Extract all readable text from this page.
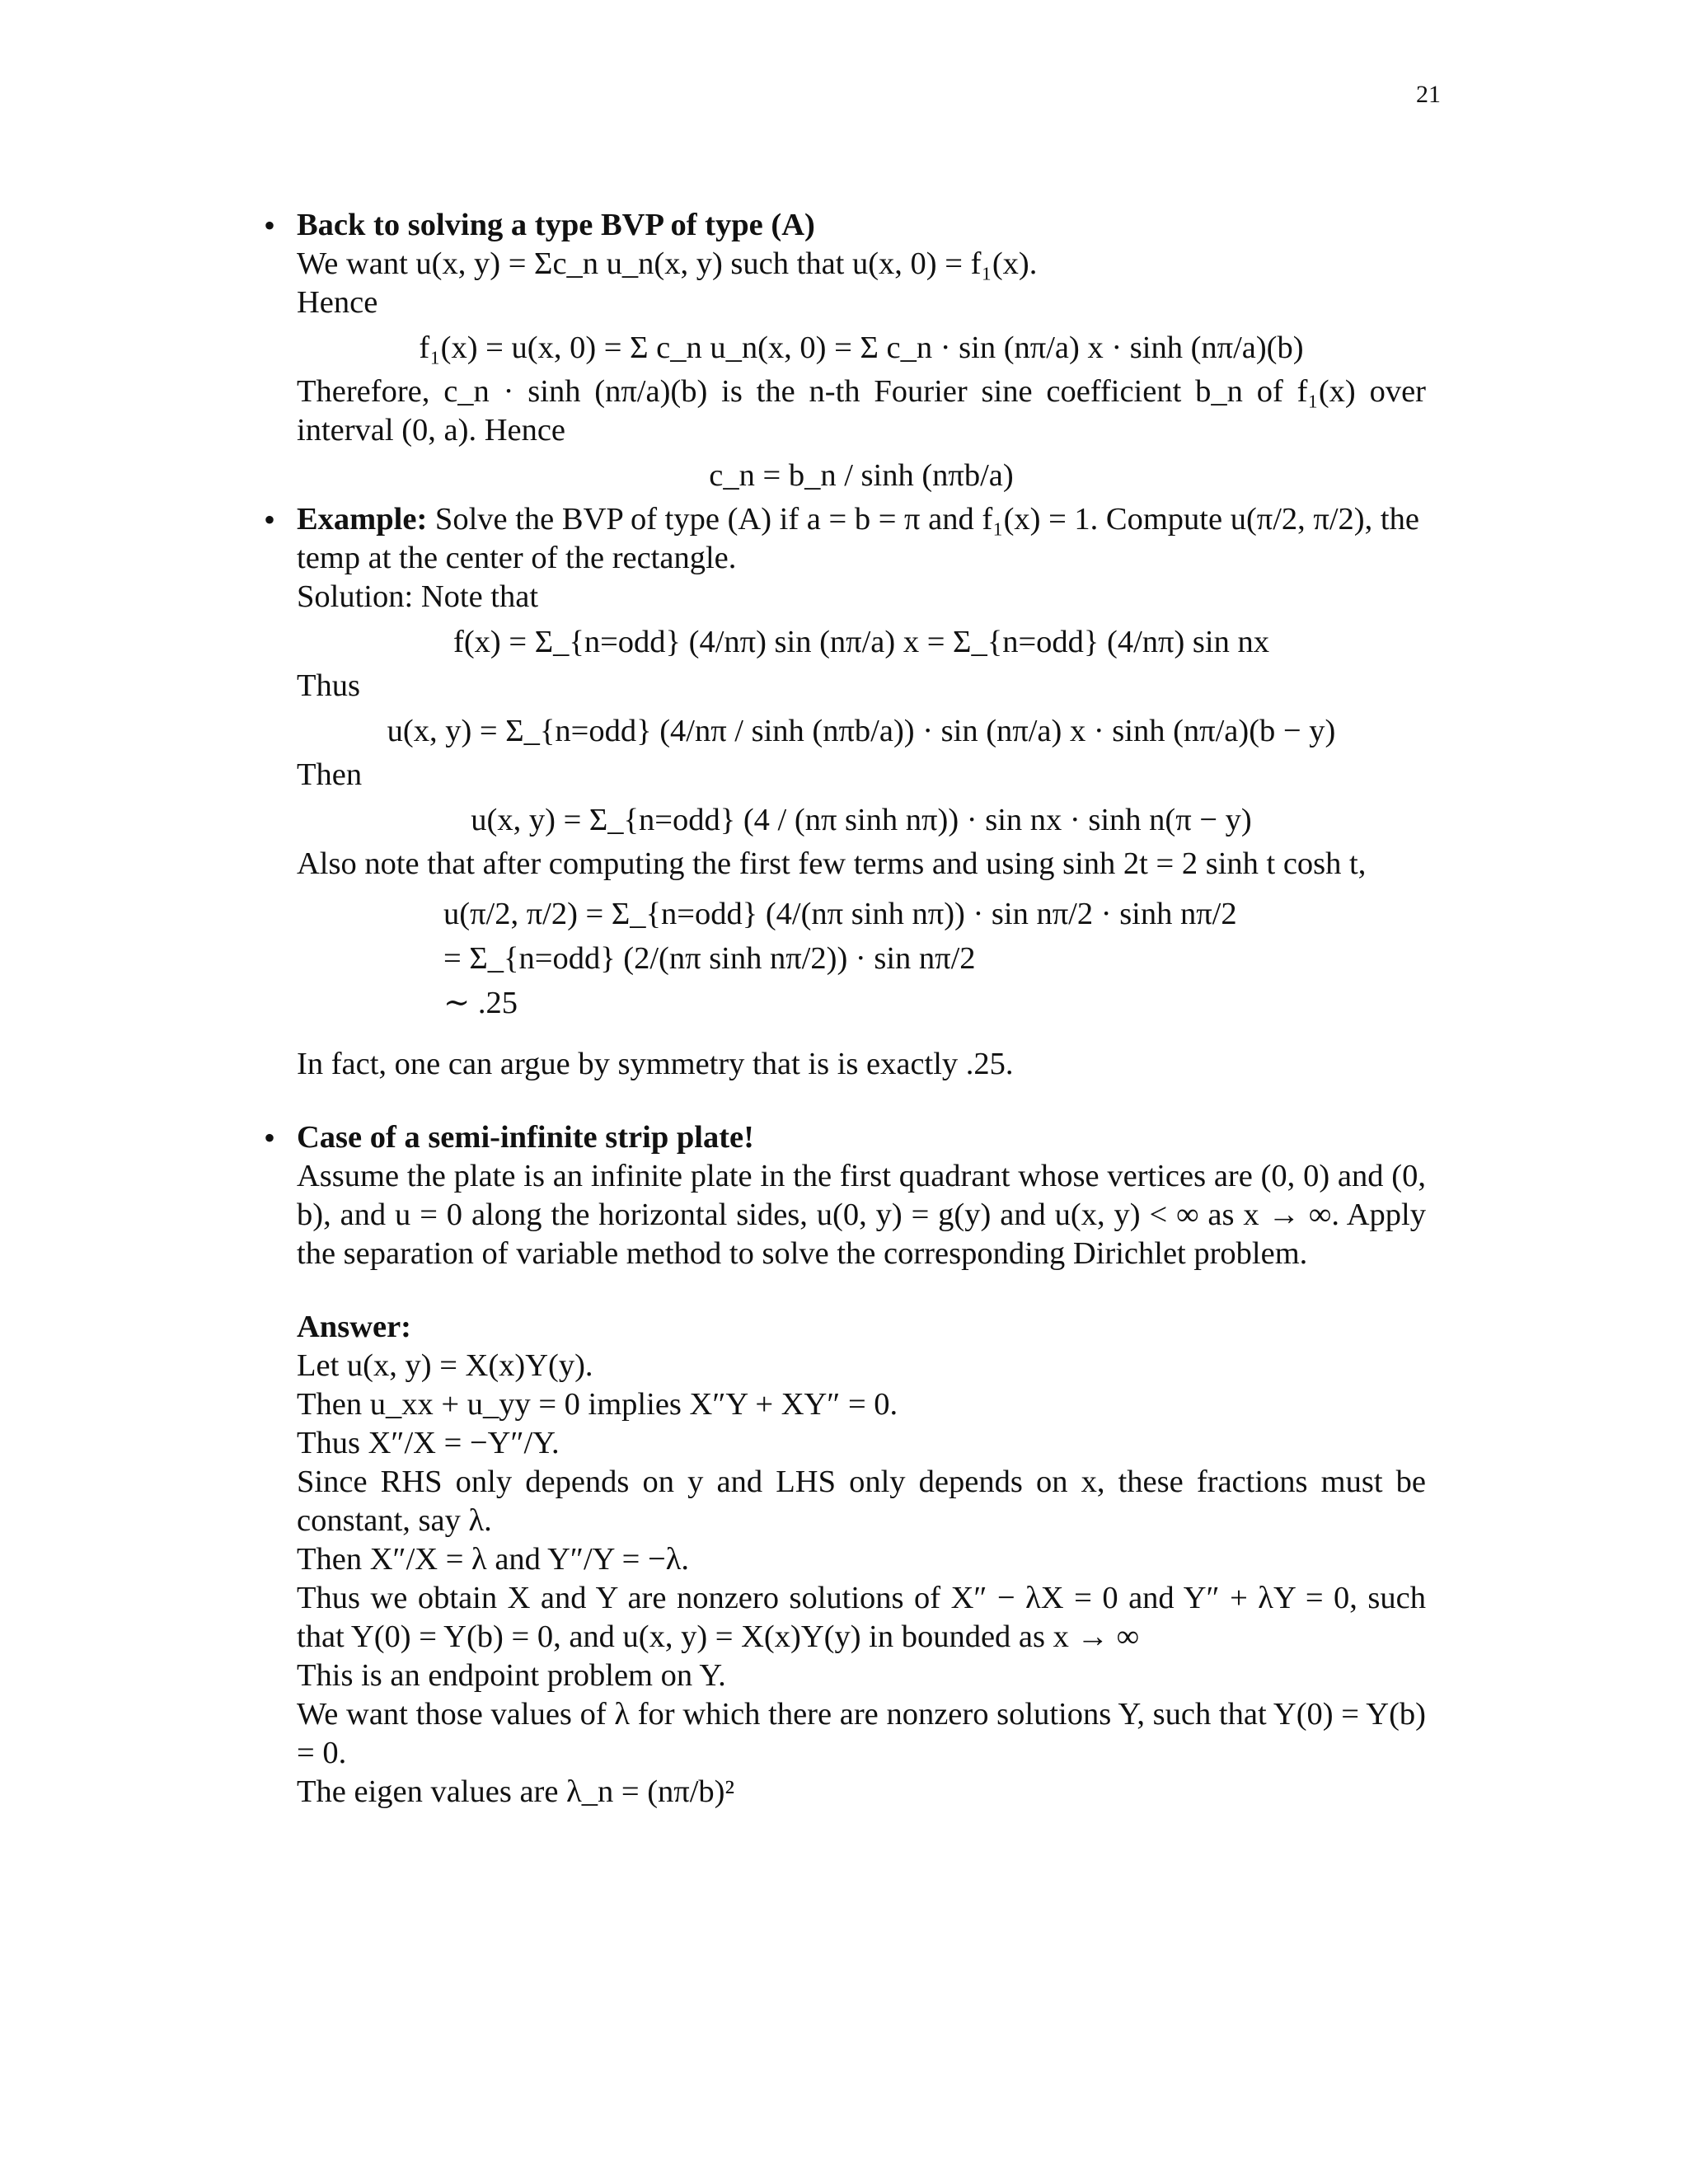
21
• Back to solving a type BVP of type (A)
We want u(x, y) = Σc_n u_n(x, y) such that u(x, 0) = f₁(x).
Hence
f₁(x) = u(x, 0) = Σ c_n u_n(x, 0) = Σ c_n · sin (nπ/a) x · sinh (nπ/a)(b)
Therefore, c_n · sinh (nπ/a)(b) is the n-th Fourier sine coefficient b_n of f₁(x) over interval (0, a). Hence
c_n = b_n / sinh (nπb/a)
• Example: Solve the BVP of type (A) if a = b = π and f₁(x) = 1. Compute u(π/2, π/2), the temp at the center of the rectangle.
Solution: Note that
f(x) = Σ_{n=odd} (4/nπ) sin (nπ/a) x = Σ_{n=odd} (4/nπ) sin nx
Thus
u(x, y) = Σ_{n=odd} (4/nπ / sinh (nπb/a)) · sin (nπ/a) x · sinh (nπ/a)(b − y)
Then
u(x, y) = Σ_{n=odd} (4 / (nπ sinh nπ)) · sin nx · sinh n(π − y)
Also note that after computing the first few terms and using sinh 2t = 2 sinh t cosh t,
u(π/2, π/2) = Σ_{n=odd} (4/(nπ sinh nπ)) · sin nπ/2 · sinh nπ/2
= Σ_{n=odd} (2/(nπ sinh nπ/2)) · sin nπ/2
∼ .25
In fact, one can argue by symmetry that is is exactly .25.
• Case of a semi-infinite strip plate!
Assume the plate is an infinite plate in the first quadrant whose vertices are (0, 0) and (0, b), and u = 0 along the horizontal sides, u(0, y) = g(y) and u(x, y) < ∞ as x → ∞. Apply the separation of variable method to solve the corresponding Dirichlet problem.
Answer:
Let u(x, y) = X(x)Y(y).
Then u_xx + u_yy = 0 implies X″Y + XY″ = 0.
Thus X″/X = −Y″/Y.
Since RHS only depends on y and LHS only depends on x, these fractions must be constant, say λ.
Then X″/X = λ and Y″/Y = −λ.
Thus we obtain X and Y are nonzero solutions of X″ − λX = 0 and Y″ + λY = 0, such that Y(0) = Y(b) = 0, and u(x, y) = X(x)Y(y) in bounded as x → ∞
This is an endpoint problem on Y.
We want those values of λ for which there are nonzero solutions Y, such that Y(0) = Y(b) = 0.
The eigen values are λ_n = (nπ/b)²
